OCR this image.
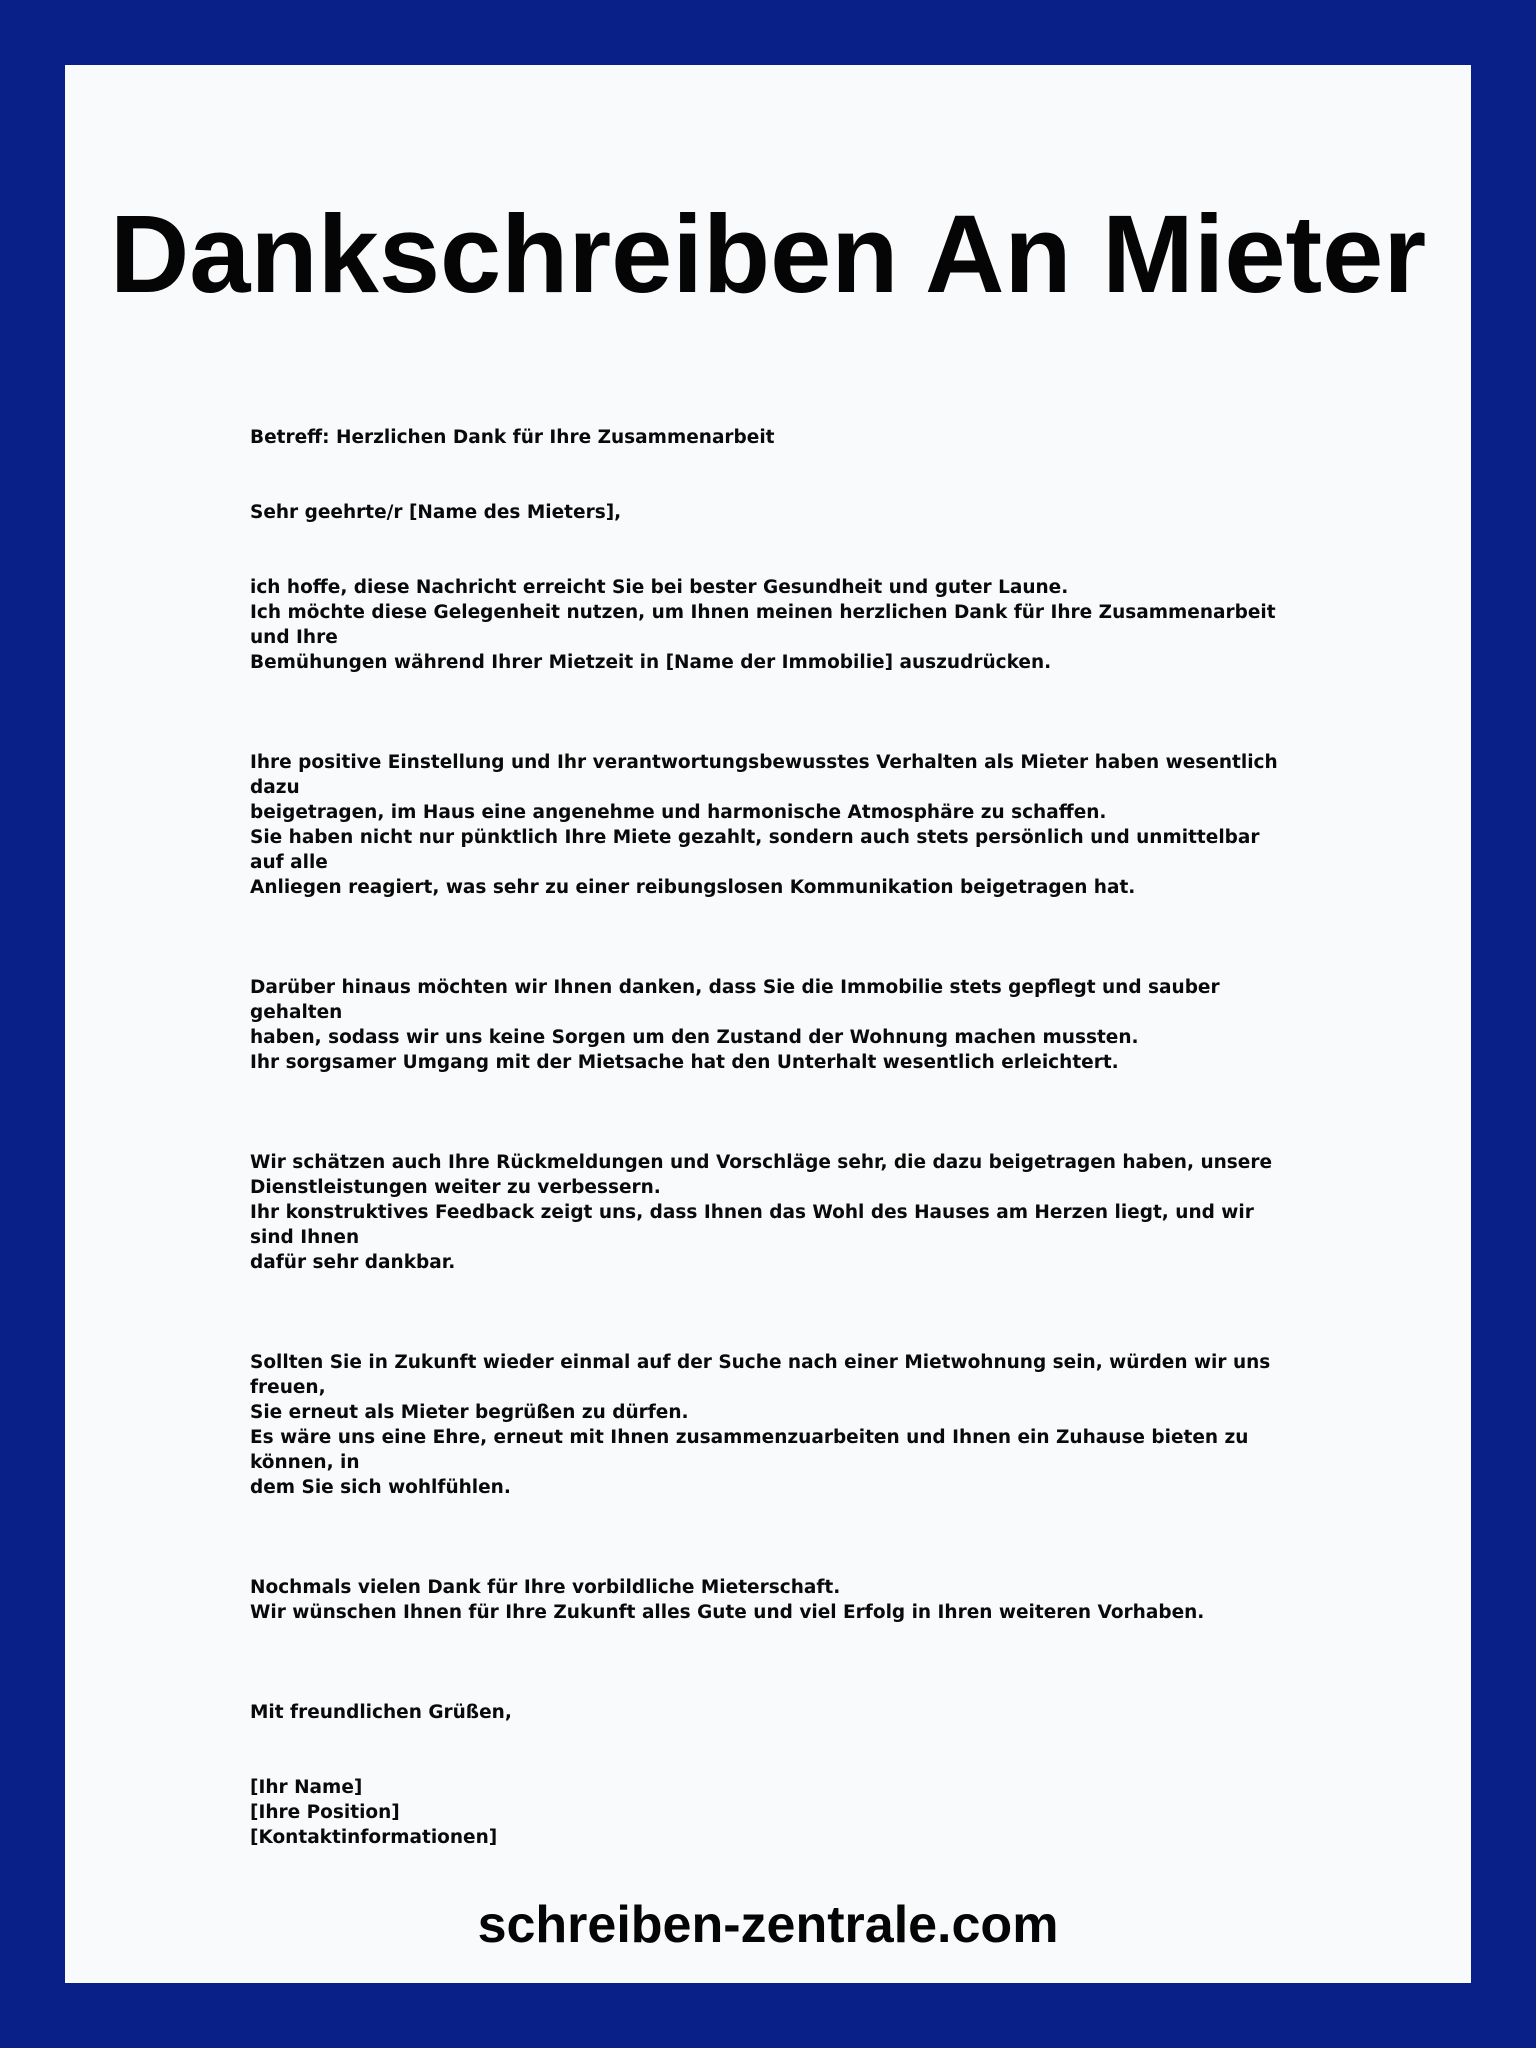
Dankschreiben An Mieter

Betreff: Herzlichen Dank für Ihre Zusammenarbeit

Sehr geehrte/r [Name des Mieters],

ich hoffe, diese Nachricht erreicht Sie bei bester Gesundheit und guter Laune.
Ich möchte diese Gelegenheit nutzen, um Ihnen meinen herzlichen Dank für Ihre Zusammenarbeit und Ihre
Bemühungen während Ihrer Mietzeit in [Name der Immobilie] auszudrücken.

Ihre positive Einstellung und Ihr verantwortungsbewusstes Verhalten als Mieter haben wesentlich dazu
beigetragen, im Haus eine angenehme und harmonische Atmosphäre zu schaffen.
Sie haben nicht nur pünktlich Ihre Miete gezahlt, sondern auch stets persönlich und unmittelbar auf alle
Anliegen reagiert, was sehr zu einer reibungslosen Kommunikation beigetragen hat.

Darüber hinaus möchten wir Ihnen danken, dass Sie die Immobilie stets gepflegt und sauber gehalten
haben, sodass wir uns keine Sorgen um den Zustand der Wohnung machen mussten.
Ihr sorgsamer Umgang mit der Mietsache hat den Unterhalt wesentlich erleichtert.

Wir schätzen auch Ihre Rückmeldungen und Vorschläge sehr, die dazu beigetragen haben, unsere
Dienstleistungen weiter zu verbessern.
Ihr konstruktives Feedback zeigt uns, dass Ihnen das Wohl des Hauses am Herzen liegt, und wir sind Ihnen
dafür sehr dankbar.

Sollten Sie in Zukunft wieder einmal auf der Suche nach einer Mietwohnung sein, würden wir uns freuen,
Sie erneut als Mieter begrüßen zu dürfen.
Es wäre uns eine Ehre, erneut mit Ihnen zusammenzuarbeiten und Ihnen ein Zuhause bieten zu können, in
dem Sie sich wohlfühlen.

Nochmals vielen Dank für Ihre vorbildliche Mieterschaft.
Wir wünschen Ihnen für Ihre Zukunft alles Gute und viel Erfolg in Ihren weiteren Vorhaben.

Mit freundlichen Grüßen,

[Ihr Name]
[Ihre Position]
[Kontaktinformationen]

schreiben-zentrale.com
